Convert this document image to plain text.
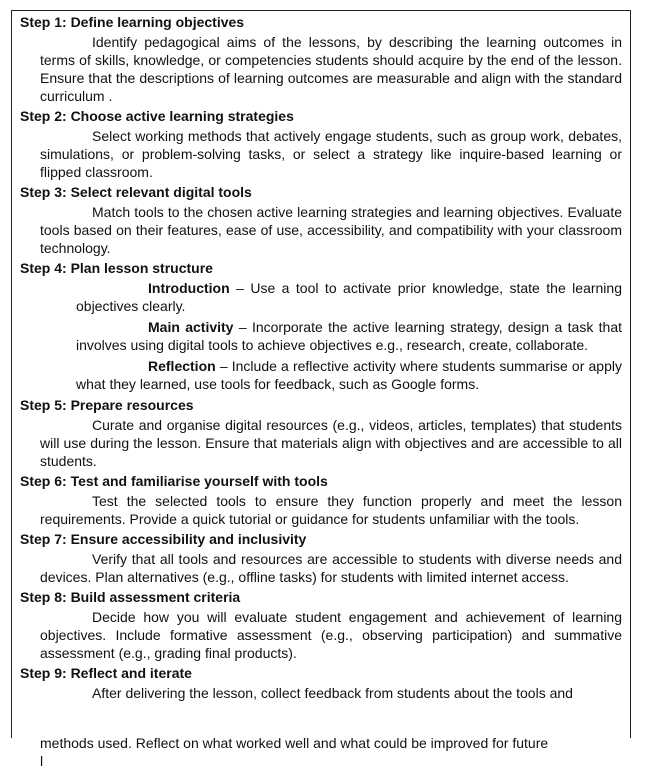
Step 1: Define learning objectives

Identify pedagogical aims of the lessons, by describing the learning outcomes in terms of skills, knowledge, or competencies students should acquire by the end of the lesson. Ensure that the descriptions of learning outcomes are measurable and align with the standard curriculum .

Step 2: Choose active learning strategies

Select working methods that actively engage students, such as group work, debates, simulations, or problem-solving tasks, or select a strategy like inquire-based learning or flipped classroom.

Step 3: Select relevant digital tools

Match tools to the chosen active learning strategies and learning objectives. Evaluate tools based on their features, ease of use, accessibility, and compatibility with your classroom technology.

Step 4: Plan lesson structure

Introduction – Use a tool to activate prior knowledge, state the learning objectives clearly.

Main activity – Incorporate the active learning strategy, design a task that involves using digital tools to achieve objectives e.g., research, create, collaborate.

Reflection – Include a reflective activity where students summarise or apply what they learned, use tools for feedback, such as Google forms.

Step 5: Prepare resources

Curate and organise digital resources (e.g., videos, articles, templates) that students will use during the lesson. Ensure that materials align with objectives and are accessible to all students.

Step 6: Test and familiarise yourself with tools

Test the selected tools to ensure they function properly and meet the lesson requirements. Provide a quick tutorial or guidance for students unfamiliar with the tools.

Step 7: Ensure accessibility and inclusivity

Verify that all tools and resources are accessible to students with diverse needs and devices. Plan alternatives (e.g., offline tasks) for students with limited internet access.

Step 8: Build assessment criteria

Decide how you will evaluate student engagement and achievement of learning objectives. Include formative assessment (e.g., observing participation) and summative assessment (e.g., grading final products).

Step 9: Reflect and iterate

After delivering the lesson, collect feedback from students about the tools and

methods used. Reflect on what worked well and what could be improved for future
l
